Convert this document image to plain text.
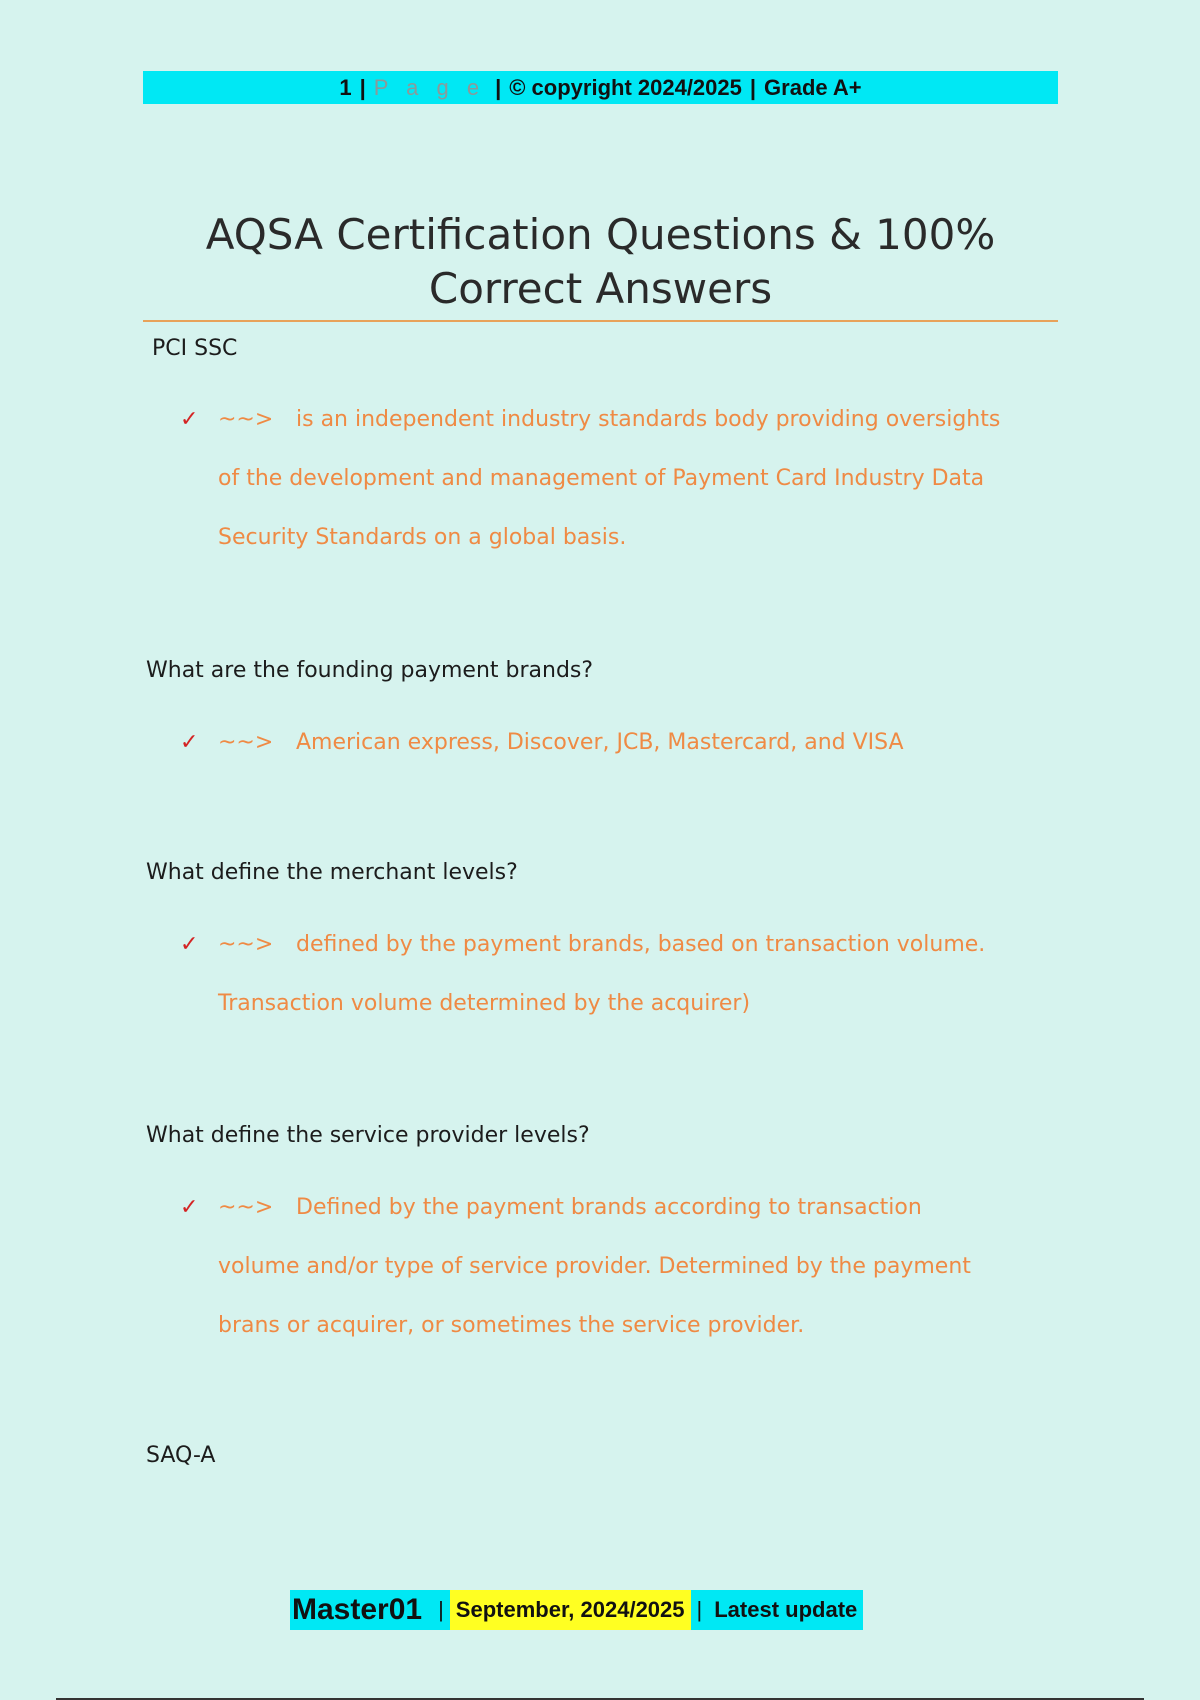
1 | P a g e | © copyright 2024/2025 | Grade A+
AQSA Certification Questions & 100%
Correct Answers

PCI SSC

✓ ~~> is an independent industry standards body providing oversights
of the development and management of Payment Card Industry Data
Security Standards on a global basis.

What are the founding payment brands?

✓ ~~> American express, Discover, JCB, Mastercard, and VISA

What define the merchant levels?

✓ ~~> defined by the payment brands, based on transaction volume.
Transaction volume determined by the acquirer)

What define the service provider levels?

✓ ~~> Defined by the payment brands according to transaction
volume and/or type of service provider. Determined by the payment
brans or acquirer, or sometimes the service provider.

SAQ-A

Master01 | September, 2024/2025 | Latest update
